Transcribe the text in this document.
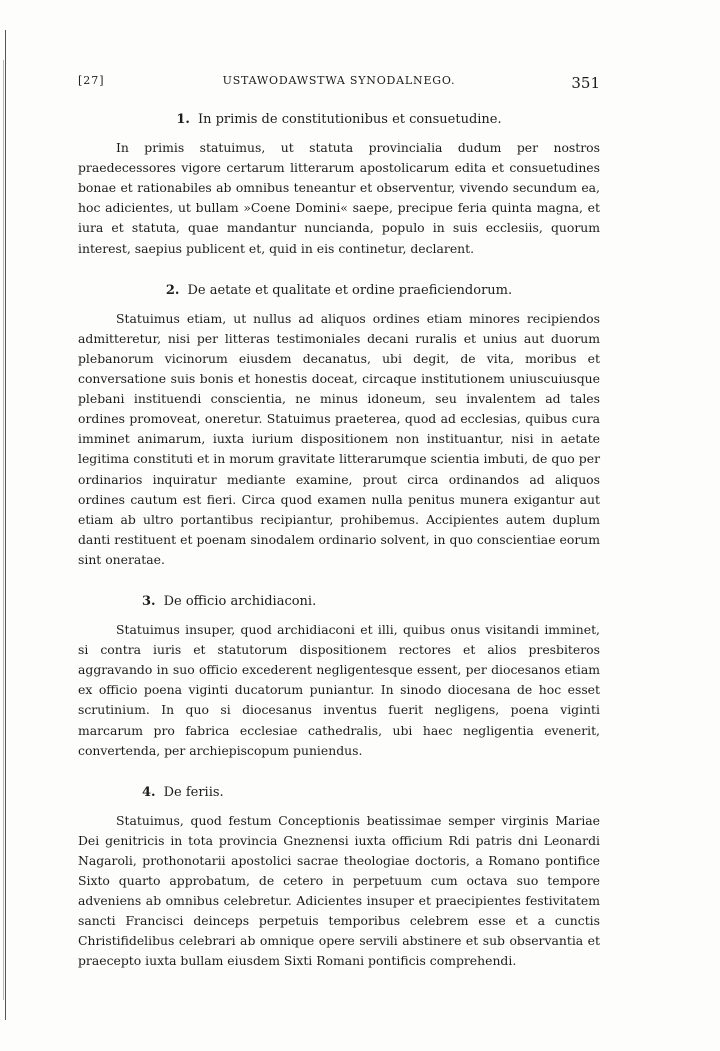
[27]	USTAWODAWSTWA SYNODALNEGO.	351
1. In primis de constitutionibus et consuetudine.

In primis statuimus, ut statuta provincialia dudum per nostros praedecessores vigore certarum litterarum apostolicarum edita et consuetudines bonae et rationabiles ab omnibus teneantur et observentur, vivendo secundum ea, hoc adicientes, ut bullam »Coene Domini« saepe, precipue feria quinta magna, et iura et statuta, quae mandantur nuncianda, populo in suis ecclesiis, quorum interest, saepius publicent et, quid in eis continetur, declarent.

2. De aetate et qualitate et ordine praeficiendorum.

Statuimus etiam, ut nullus ad aliquos ordines etiam minores recipiendos admitteretur, nisi per litteras testimoniales decani ruralis et unius aut duorum plebanorum vicinorum eiusdem decanatus, ubi degit, de vita, moribus et conversatione suis bonis et honestis doceat, circaque institutionem uniuscuiusque plebani instituendi conscientia, ne minus idoneum, seu invalentem ad tales ordines promoveat, oneretur. Statuimus praeterea, quod ad ecclesias, quibus cura imminet animarum, iuxta iurium dispositionem non instituantur, nisi in aetate legitima constituti et in morum gravitate litterarumque scientia imbuti, de quo per ordinarios inquiratur mediante examine, prout circa ordinandos ad aliquos ordines cautum est fieri. Circa quod examen nulla penitus munera exigantur aut etiam ab ultro portantibus recipiantur, prohibemus. Accipientes autem duplum danti restituent et poenam sinodalem ordinario solvent, in quo conscientiae eorum sint oneratae.

3. De officio archidiaconi.

Statuimus insuper, quod archidiaconi et illi, quibus onus visitandi imminet, si contra iuris et statutorum dispositionem rectores et alios presbiteros aggravando in suo officio excederent negligentesque essent, per diocesanos etiam ex officio poena viginti ducatorum puniantur. In sinodo diocesana de hoc esset scrutinium. In quo si diocesanus inventus fuerit negligens, poena viginti marcarum pro fabrica ecclesiae cathedralis, ubi haec negligentia evenerit, convertenda, per archiepiscopum puniendus.

4. De feriis.

Statuimus, quod festum Conceptionis beatissimae semper virginis Mariae Dei genitricis in tota provincia Gneznensi iuxta officium Rdi patris dni Leonardi Nagaroli, prothonotarii apostolici sacrae theologiae doctoris, a Romano pontifice Sixto quarto approbatum, de cetero in perpetuum cum octava suo tempore adveniens ab omnibus celebretur. Adicientes insuper et praecipientes festivitatem sancti Francisci deinceps perpetuis temporibus celebrem esse et a cunctis Christifidelibus celebrari ab omnique opere servili abstinere et sub observantia et praecepto iuxta bullam eiusdem Sixti Romani pontificis comprehendi.
